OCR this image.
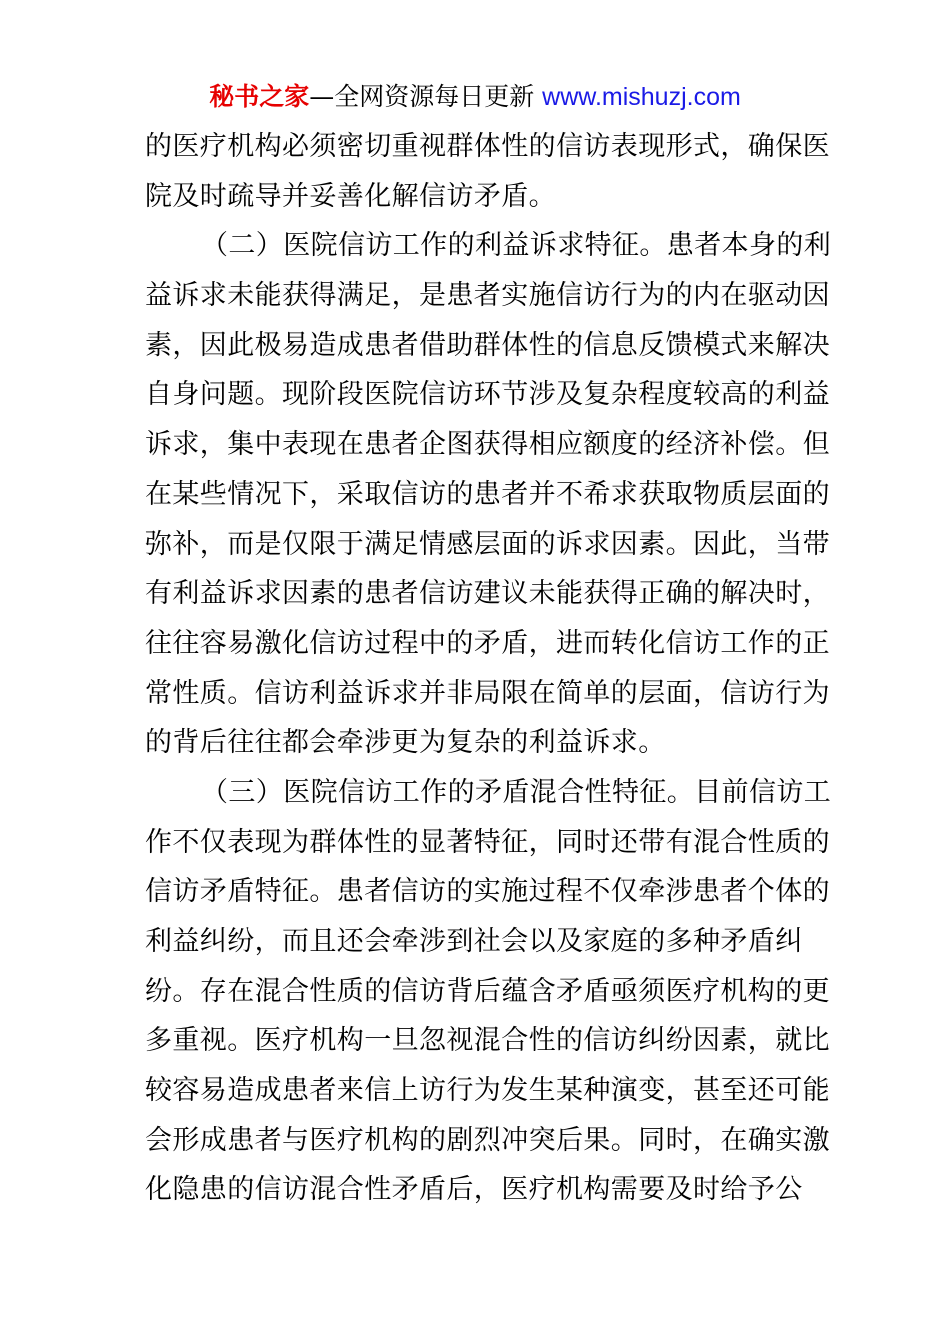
秘书之家—全网资源每日更新 www.mishuzj.com
的医疗机构必须密切重视群体性的信访表现形式，确保医
院及时疏导并妥善化解信访矛盾。
（二）医院信访工作的利益诉求特征。患者本身的利
益诉求未能获得满足，是患者实施信访行为的内在驱动因
素，因此极易造成患者借助群体性的信息反馈模式来解决
自身问题。现阶段医院信访环节涉及复杂程度较高的利益
诉求，集中表现在患者企图获得相应额度的经济补偿。但
在某些情况下，采取信访的患者并不希求获取物质层面的
弥补，而是仅限于满足情感层面的诉求因素。因此，当带
有利益诉求因素的患者信访建议未能获得正确的解决时，
往往容易激化信访过程中的矛盾，进而转化信访工作的正
常性质。信访利益诉求并非局限在简单的层面，信访行为
的背后往往都会牵涉更为复杂的利益诉求。
（三）医院信访工作的矛盾混合性特征。目前信访工
作不仅表现为群体性的显著特征，同时还带有混合性质的
信访矛盾特征。患者信访的实施过程不仅牵涉患者个体的
利益纠纷，而且还会牵涉到社会以及家庭的多种矛盾纠
纷。存在混合性质的信访背后蕴含矛盾亟须医疗机构的更
多重视。医疗机构一旦忽视混合性的信访纠纷因素，就比
较容易造成患者来信上访行为发生某种演变，甚至还可能
会形成患者与医疗机构的剧烈冲突后果。同时，在确实激
化隐患的信访混合性矛盾后，医疗机构需要及时给予公
